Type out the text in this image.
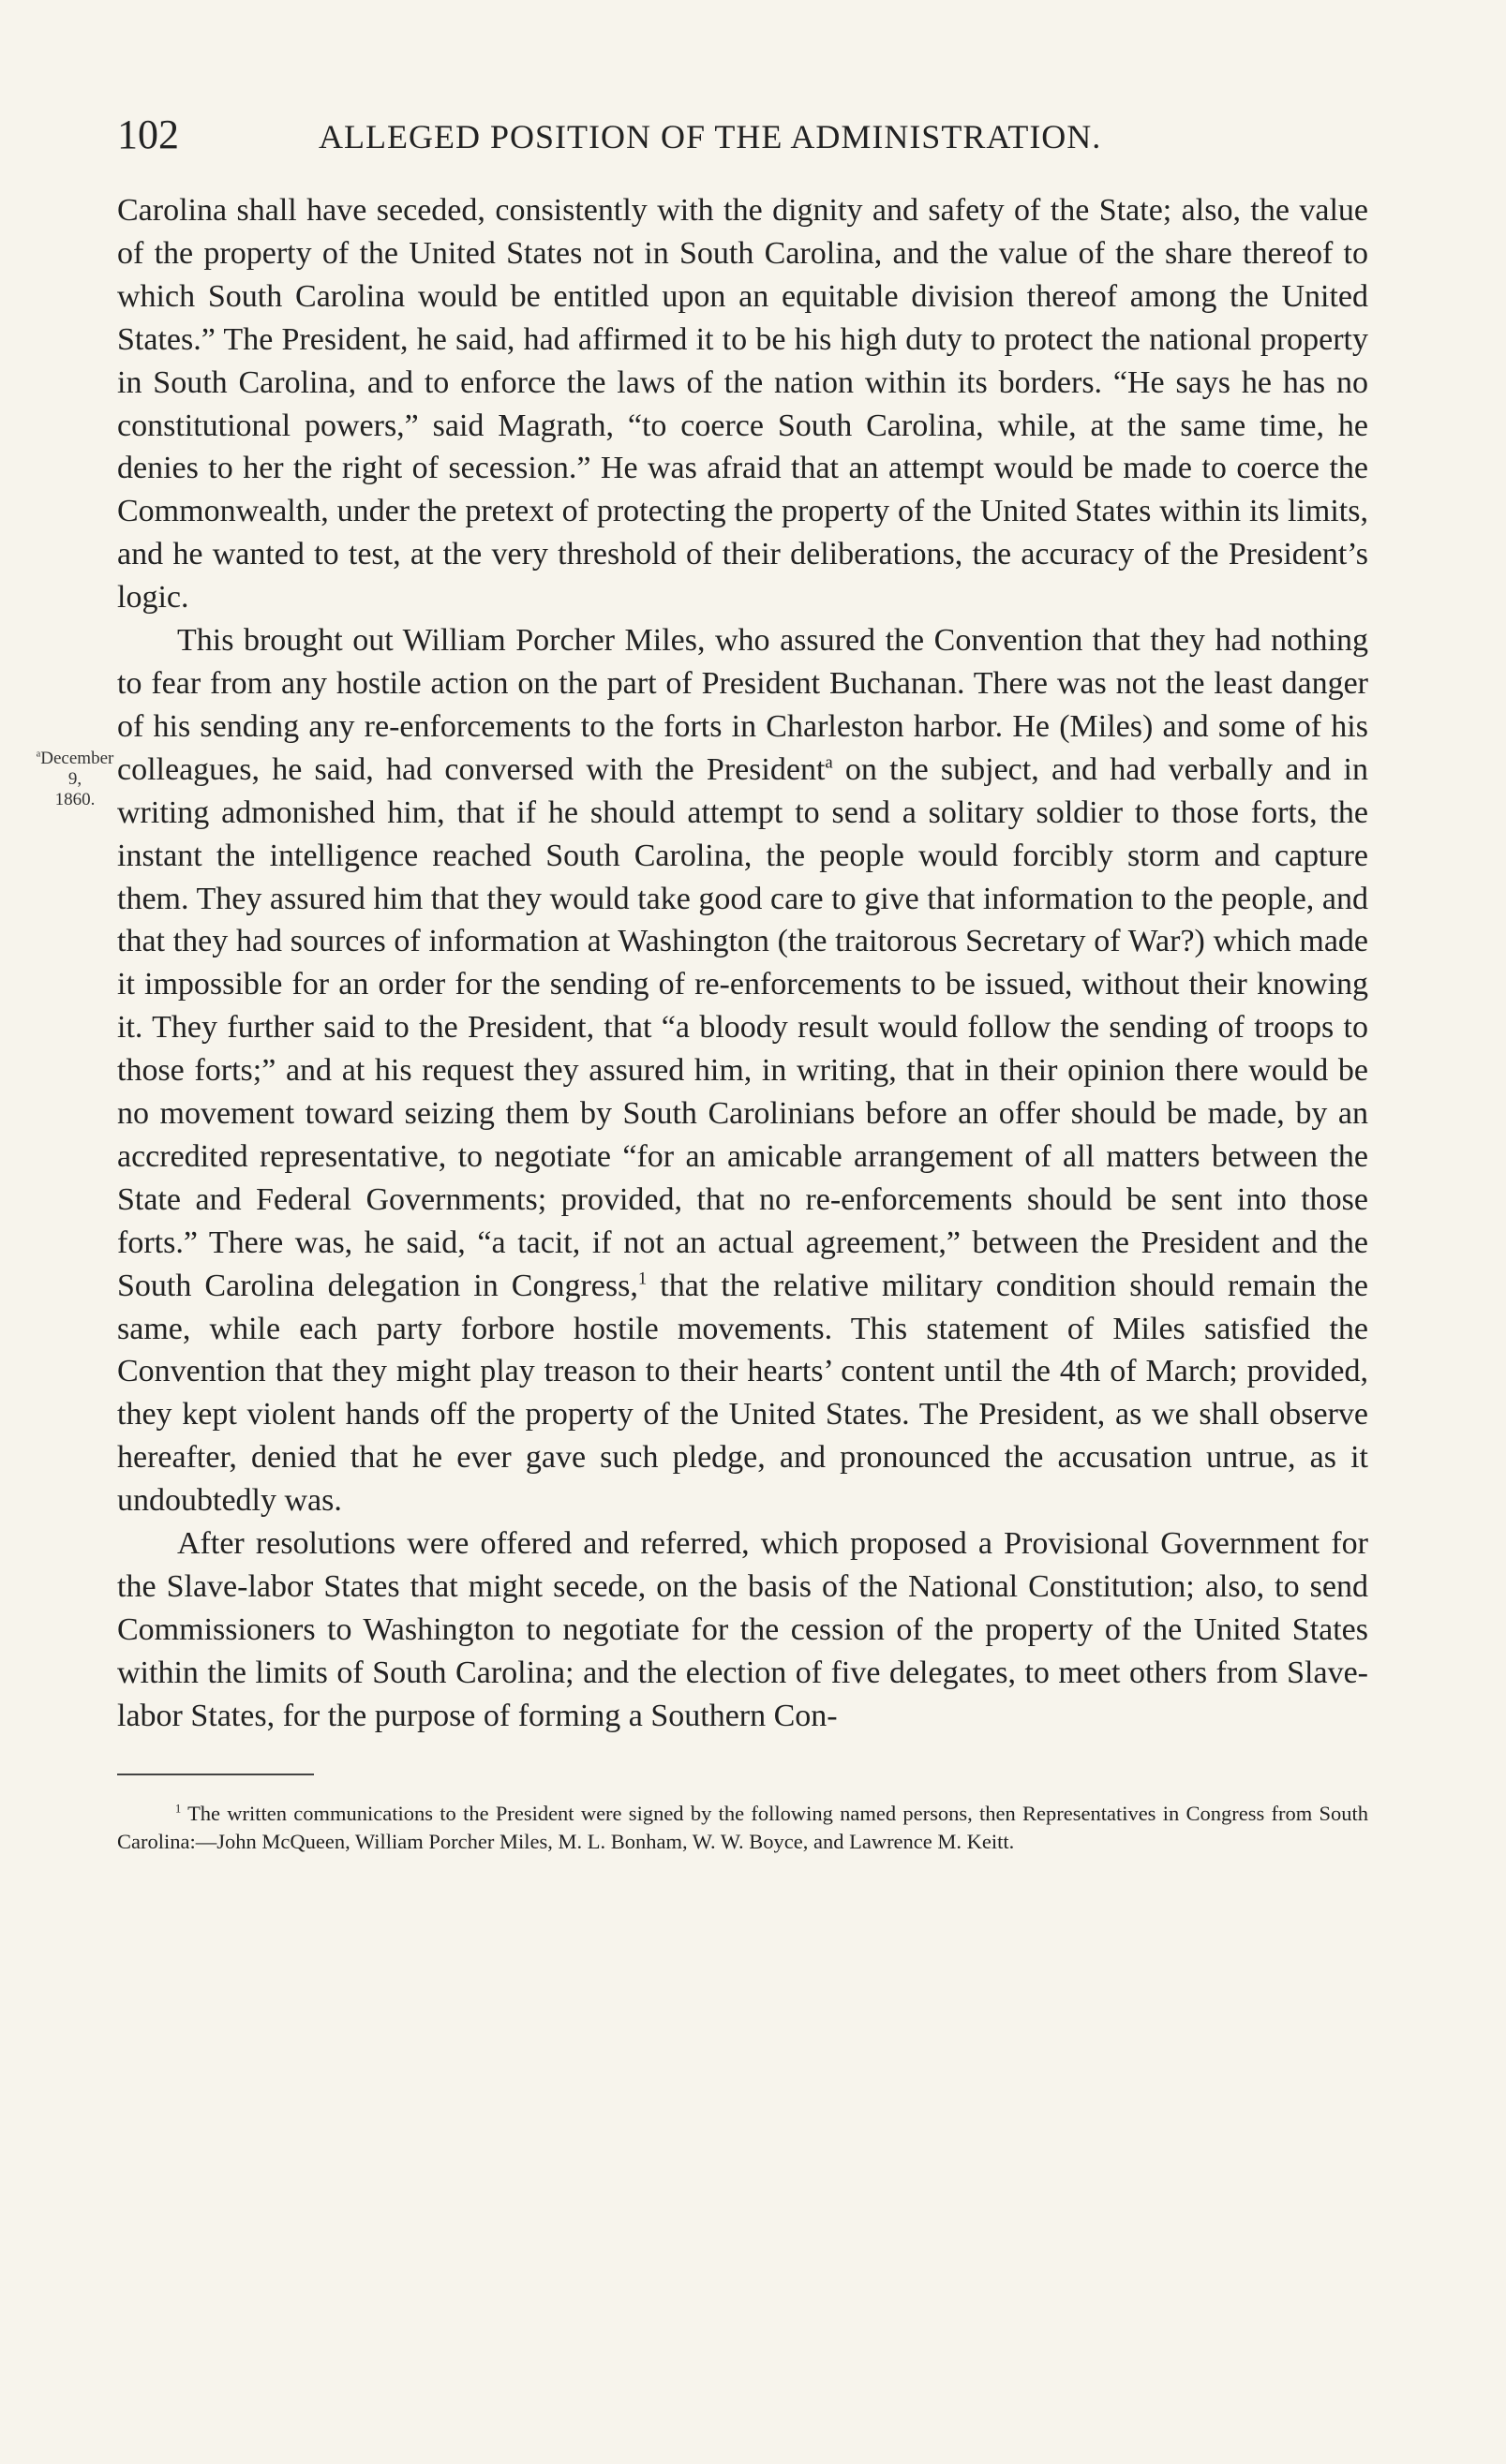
102	ALLEGED POSITION OF THE ADMINISTRATION.

Carolina shall have seceded, consistently with the dignity and safety of the State; also, the value of the property of the United States not in South Carolina, and the value of the share thereof to which South Carolina would be entitled upon an equitable division thereof among the United States.” The President, he said, had affirmed it to be his high duty to protect the national property in South Carolina, and to enforce the laws of the nation within its borders. “He says he has no constitutional powers,” said Magrath, “to coerce South Carolina, while, at the same time, he denies to her the right of secession.” He was afraid that an attempt would be made to coerce the Commonwealth, under the pretext of protecting the property of the United States within its limits, and he wanted to test, at the very threshold of their deliberations, the accuracy of the President’s logic.

$^a$December 9,
1860.

This brought out William Porcher Miles, who assured the Convention that they had nothing to fear from any hostile action on the part of President Buchanan. There was not the least danger of his sending any re-enforcements to the forts in Charleston harbor. He (Miles) and some of his colleagues, he said, had conversed with the President$^a$ on the subject, and had verbally and in writing admonished him, that if he should attempt to send a solitary soldier to those forts, the instant the intelligence reached South Carolina, the people would forcibly storm and capture them. They assured him that they would take good care to give that information to the people, and that they had sources of information at Washington (the traitorous Secretary of War?) which made it impossible for an order for the sending of re-enforcements to be issued, without their knowing it. They further said to the President, that “a bloody result would follow the sending of troops to those forts;” and at his request they assured him, in writing, that in their opinion there would be no movement toward seizing them by South Carolinians before an offer should be made, by an accredited representative, to negotiate “for an amicable arrangement of all matters between the State and Federal Governments; provided, that no re-enforcements should be sent into those forts.” There was, he said, “a tacit, if not an actual agreement,” between the President and the South Carolina delegation in Congress,$^1$ that the relative military condition should remain the same, while each party forbore hostile movements. This statement of Miles satisfied the Convention that they might play treason to their hearts’ content until the 4th of March; provided, they kept violent hands off the property of the United States. The President, as we shall observe hereafter, denied that he ever gave such pledge, and pronounced the accusation untrue, as it undoubtedly was.

After resolutions were offered and referred, which proposed a Provisional Government for the Slave-labor States that might secede, on the basis of the National Constitution; also, to send Commissioners to Washington to negotiate for the cession of the property of the United States within the limits of South Carolina; and the election of five delegates, to meet others from Slave-labor States, for the purpose of forming a Southern Con-

$^1$ The written communications to the President were signed by the following named persons, then Representatives in Congress from South Carolina:—John McQueen, William Porcher Miles, M. L. Bonham, W. W. Boyce, and Lawrence M. Keitt.
